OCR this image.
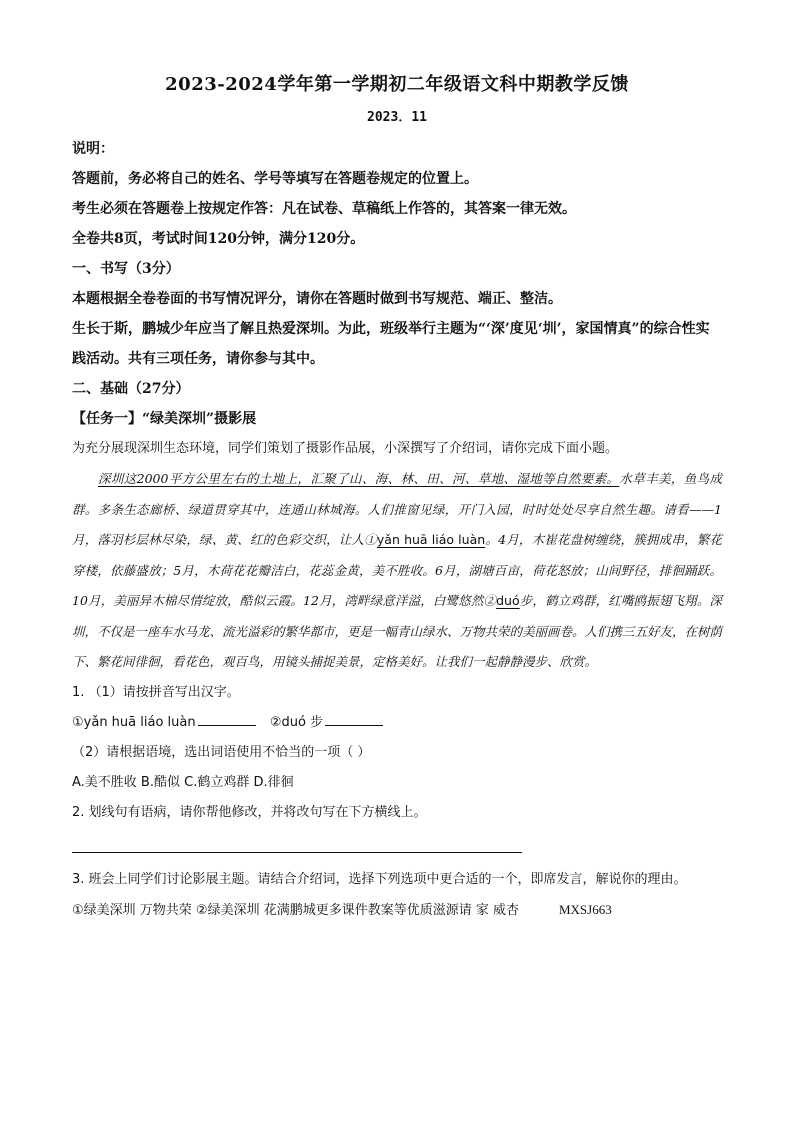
2023-2024学年第一学期初二年级语文科中期教学反馈
2023．11

说明：

答题前，务必将自己的姓名、学号等填写在答题卷规定的位置上。

考生必须在答题卷上按规定作答：凡在试卷、草稿纸上作答的，其答案一律无效。

全卷共8页，考试时间120分钟，满分120分。

一、书写（3分）

本题根据全卷卷面的书写情况评分，请你在答题时做到书写规范、端正、整洁。

生长于斯，鹏城少年应当了解且热爱深圳。为此，班级举行主题为“‘深’度见‘圳’，家国情真”的综合性实践活动。共有三项任务，请你参与其中。

二、基础（27分）

【任务一】“绿美深圳”摄影展

为充分展现深圳生态环境，同学们策划了摄影作品展，小深撰写了介绍词，请你完成下面小题。

深圳这2000平方公里左右的土地上，汇聚了山、海、林、田、河、草地、湿地等自然要素。水草丰美，鱼鸟成群。多条生态廊桥、绿道贯穿其中，连通山林城海。人们推窗见绿，开门入园，时时处处尽享自然生趣。请看——1月，落羽杉层林尽染，绿、黄、红的色彩交织，让人①yǎn huā liáo luàn。4月，木崔花盘树缠绕，簇拥成串，繁花穿楼，依藤盛放；5月，木荷花花瓣洁白，花蕊金黄，美不胜收。6月，湖塘百亩，荷花怒放；山间野径，排徊踊跃。10月，美丽异木棉尽情绽放，酷似云霞。12月，湾畔绿意洋溢，白鹭悠然②duó步，鹤立鸡群，红嘴鸥振翅飞翔。深圳，不仅是一座车水马龙、流光溢彩的繁华都市，更是一幅青山绿水、万物共荣的美丽画卷。人们携三五好友，在树荫下、繁花间徘徊，看花色，观百鸟，用镜头捕捉美景，定格美好。让我们一起静静漫步、欣赏。

1. （1）请按拼音写出汉字。

①yǎn huā liáo luàn	②duó 步

（2）请根据语境，选出词语使用不恰当的一项（ ）

A.美不胜收 B.酷似 C.鹤立鸡群 D.徘徊

2. 划线句有语病，请你帮他修改，并将改句写在下方横线上。

3. 班会上同学们讨论影展主题。请结合介绍词，选择下列选项中更合适的一个，即席发言，解说你的理由。

①绿美深圳 万物共荣 ②绿美深圳 花满鹏城更多课件教案等优质滋源请 家 威杏	MXSJ663
